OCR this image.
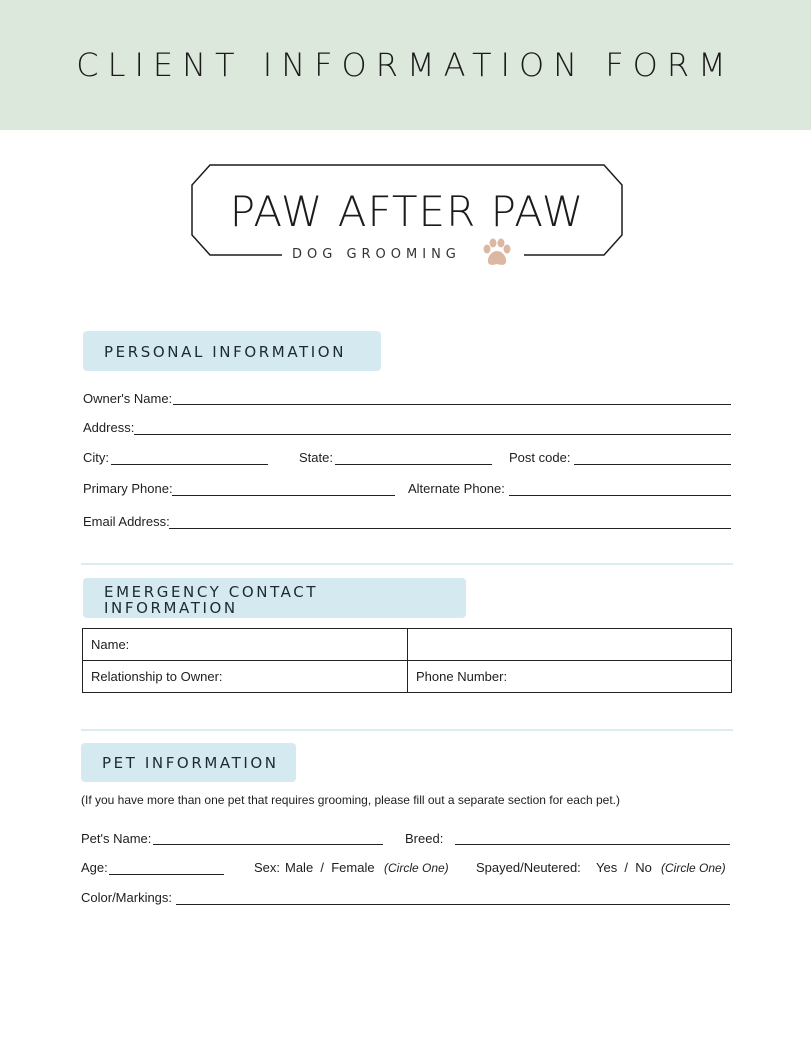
CLIENT INFORMATION FORM
PAW AFTER PAW
DOG GROOMING
PERSONAL INFORMATION
Owner's Name:
Address:
City:	State:	Post code:
Primary Phone:	Alternate Phone:
Email Address:
EMERGENCY CONTACT
INFORMATION
Name:	
Relationship to Owner:	Phone Number:
PET INFORMATION
(If you have more than one pet that requires grooming, please fill out a separate section for each pet.)
Pet's Name:	Breed:
Age:	Sex: Male  /  Female (Circle One) Spayed/Neutered: Yes  /  No (Circle One)
Color/Markings:
